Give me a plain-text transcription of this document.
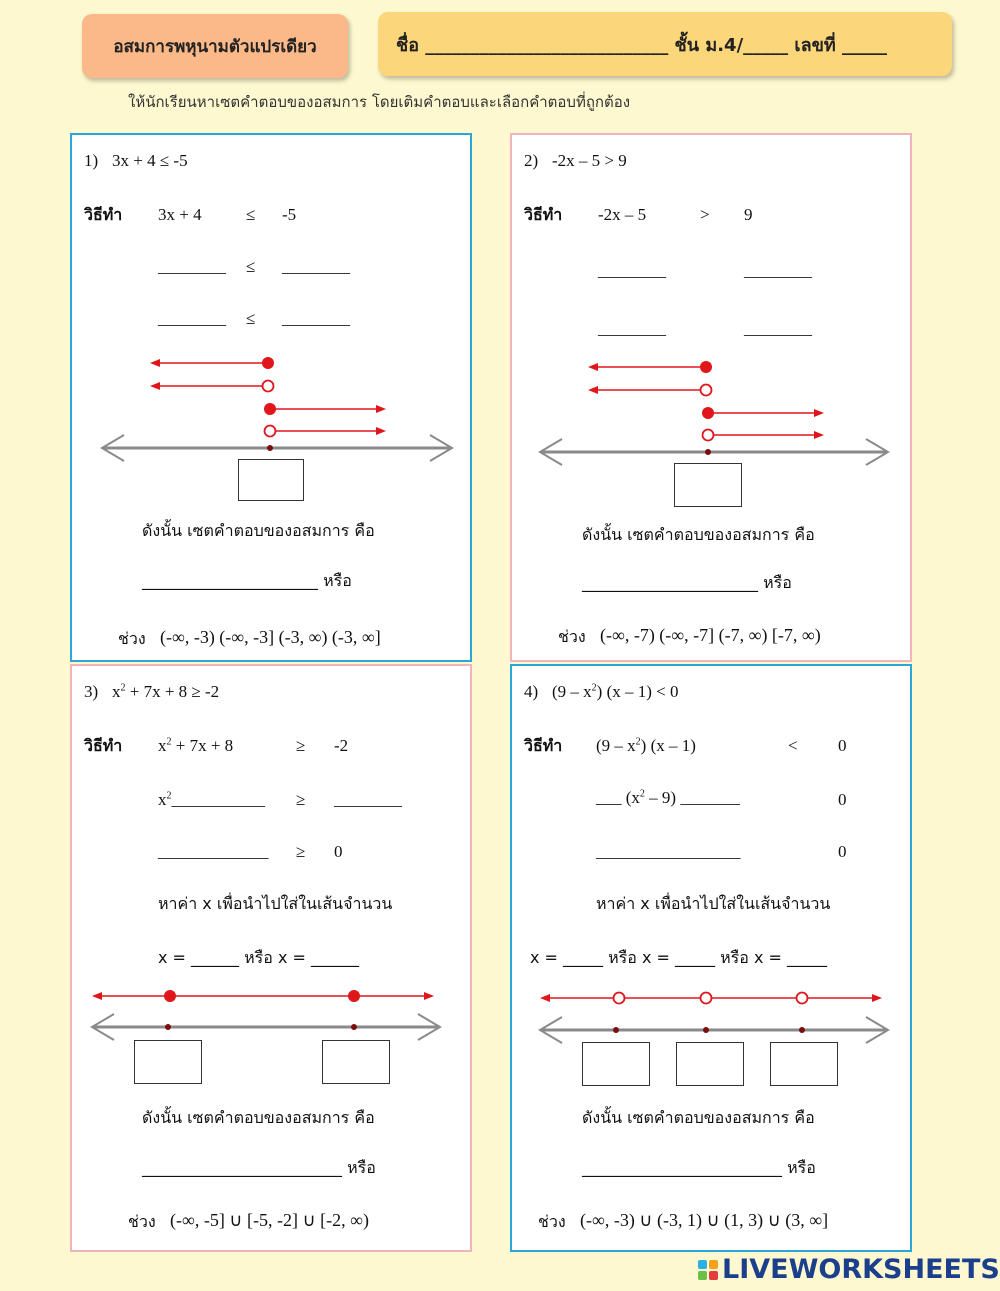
อสมการพหุนามตัวแปรเดียว	ชื่อ ___________________________ ชั้น ม.4/_____ เลขที่ _____
ให้นักเรียนหาเซตคำตอบของอสมการ โดยเติมคำตอบและเลือกคำตอบที่ถูกต้อง
1) 3x + 4 ≤ -5
วิธีทำ 3x + 4	≤ -5
________ ≤ ________
________ ≤ ________
ดังนั้น เซตคำตอบของอสมการ คือ
______________________ หรือ
ช่วง (-∞, -3) (-∞, -3] (-3, ∞) (-3, ∞]
2) -2x – 5 > 9
วิธีทำ -2x – 5	> 9
________	________
________	________
ดังนั้น เซตคำตอบของอสมการ คือ
______________________ หรือ
ช่วง (-∞, -7) (-∞, -7] (-7, ∞) [-7, ∞)
3) $x^2 + 7x + 8 \ge -2$
วิธีทำ $x^2 + 7x + 8$	≥ -2
$x^2\_\_\_\_\_\_\_\_\_\_\_$ ≥ ________
_____________ ≥ 0
หาค่า x เพื่อนำไปใส่ในเส้นจำนวน
x = ______ หรือ x = ______
ดังนั้น เซตคำตอบของอสมการ คือ
_________________________ หรือ
ช่วง (-∞, -5] ∪ [-5, -2] ∪ [-2, ∞)
4) $(9 - x^2)$ (x – 1) < 0
วิธีทำ $(9 - x^2)$ (x – 1)	< 0
___ $(x^2 - 9)$ _______	0
_________________	0
หาค่า x เพื่อนำไปใส่ในเส้นจำนวน
x = _____ หรือ x = _____ หรือ x = _____
ดังนั้น เซตคำตอบของอสมการ คือ
_________________________ หรือ
ช่วง (-∞, -3) ∪ (-3, 1) ∪ (1, 3) ∪ (3, ∞]
LIVEWORKSHEETS
